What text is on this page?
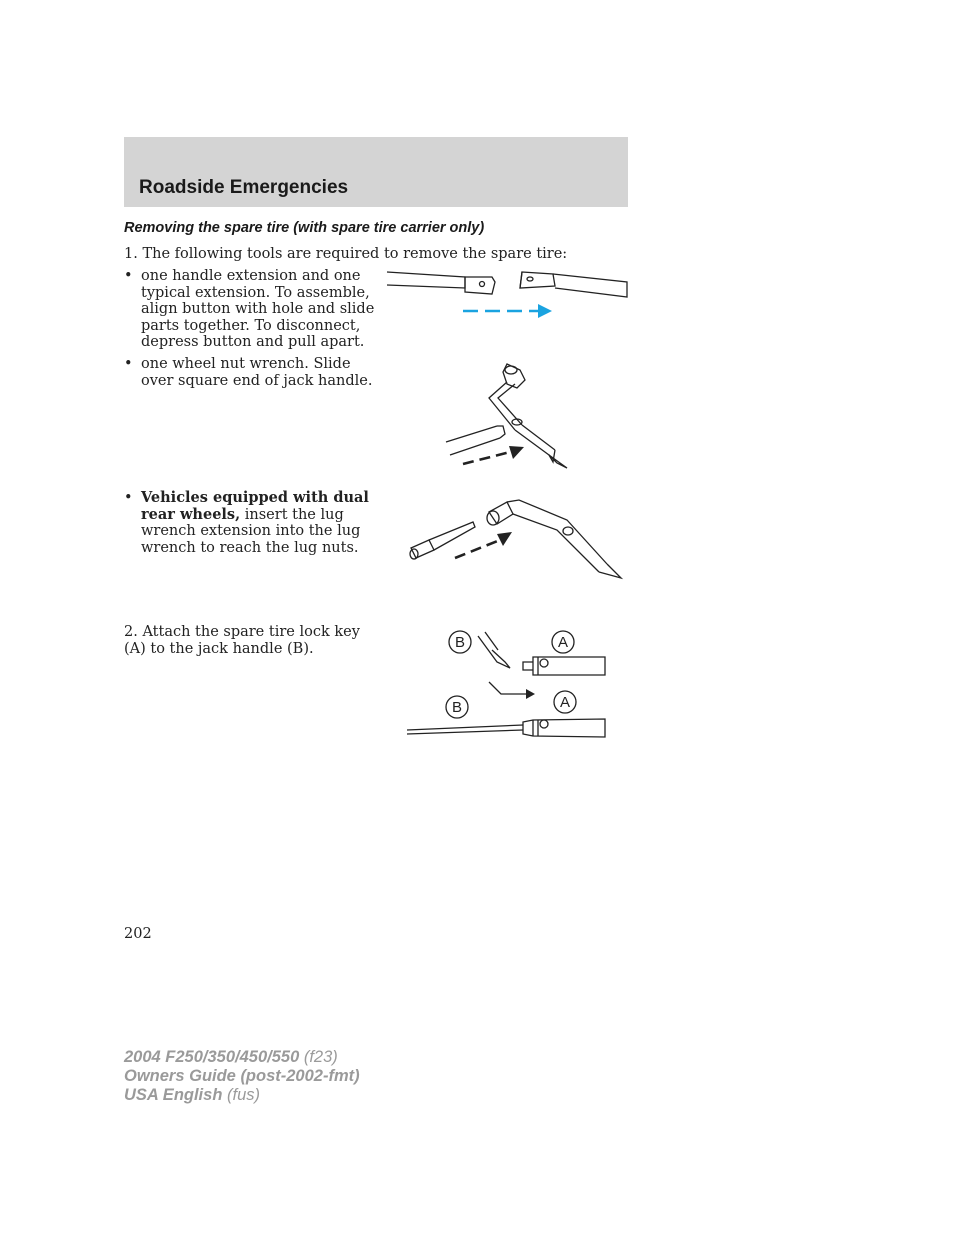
Roadside Emergencies
Removing the spare tire (with spare tire carrier only)
1. The following tools are required to remove the spare tire:
• one handle extension and one typical extension. To assemble, align button with hole and slide parts together. To disconnect, depress button and pull apart.
• one wheel nut wrench. Slide over square end of jack handle.
• Vehicles equipped with dual rear wheels, insert the lug wrench extension into the lug wrench to reach the lug nuts.
2. Attach the spare tire lock key (A) to the jack handle (B).	B	A
B	A
202
2004 F250/350/450/550 (f23)
Owners Guide (post-2002-fmt)
USA English (fus)
